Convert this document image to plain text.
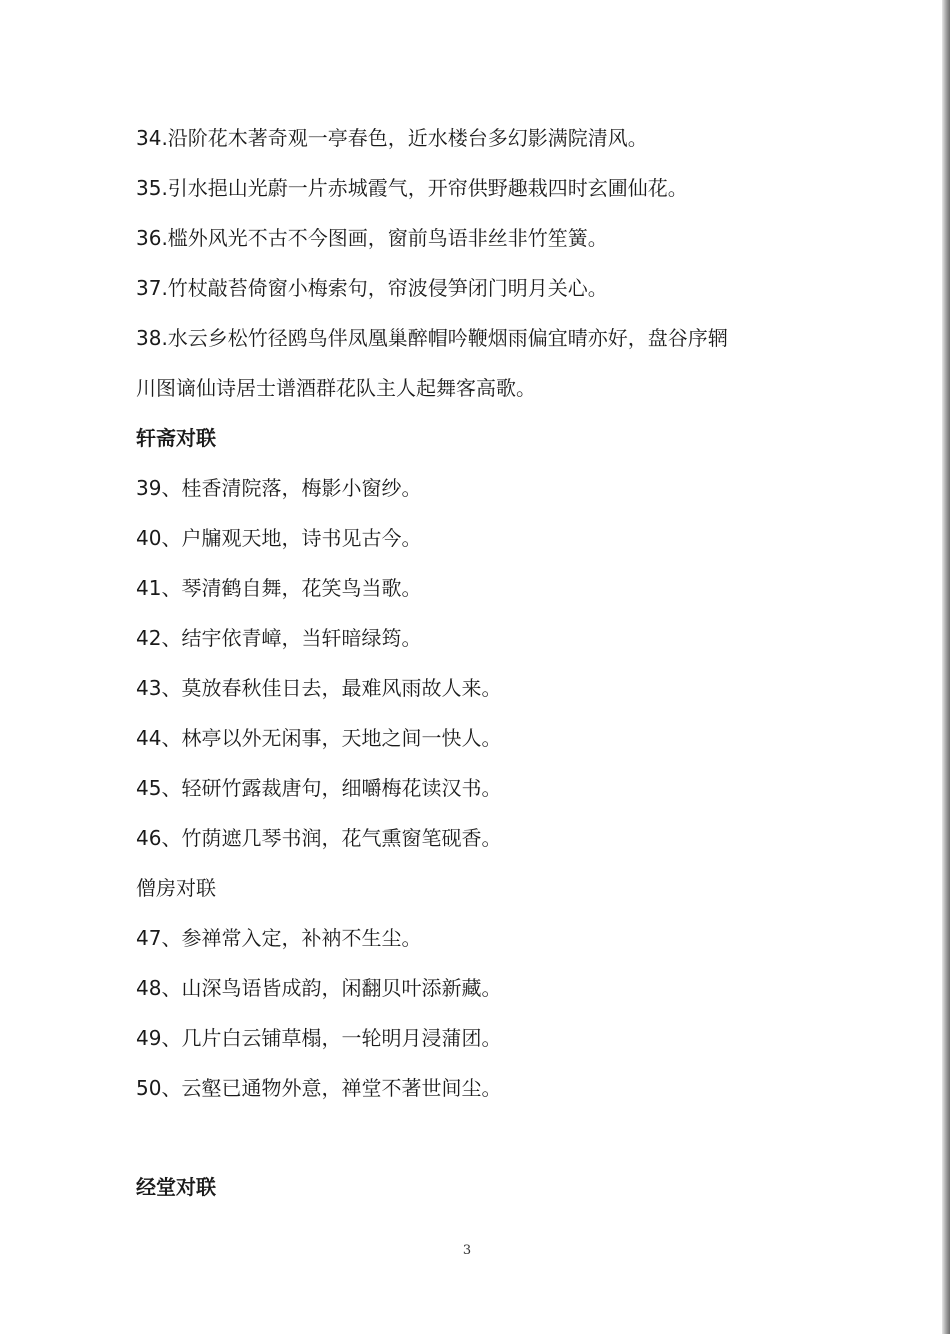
34.沿阶花木著奇观一亭春色，近水楼台多幻影满院清风。
35.引水挹山光蔚一片赤城霞气，开帘供野趣栽四时玄圃仙花。
36.槛外风光不古不今图画，窗前鸟语非丝非竹笙簧。
37.竹杖敲苔倚窗小梅索句，帘波侵笋闭门明月关心。
38.水云乡松竹径鸥鸟伴凤凰巢醉帽吟鞭烟雨偏宜晴亦好，盘谷序辋
川图谪仙诗居士谱酒群花队主人起舞客高歌。
轩斋对联
39、桂香清院落，梅影小窗纱。
40、户牖观天地，诗书见古今。
41、琴清鹤自舞，花笑鸟当歌。
42、结宇依青嶂，当轩暗绿筠。
43、莫放春秋佳日去，最难风雨故人来。
44、林亭以外无闲事，天地之间一快人。
45、轻研竹露裁唐句，细嚼梅花读汉书。
46、竹荫遮几琴书润，花气熏窗笔砚香。
僧房对联
47、参禅常入定，补衲不生尘。
48、山深鸟语皆成韵，闲翻贝叶添新藏。
49、几片白云铺草榻，一轮明月浸蒲团。
50、云壑已通物外意，禅堂不著世间尘。
经堂对联
3
